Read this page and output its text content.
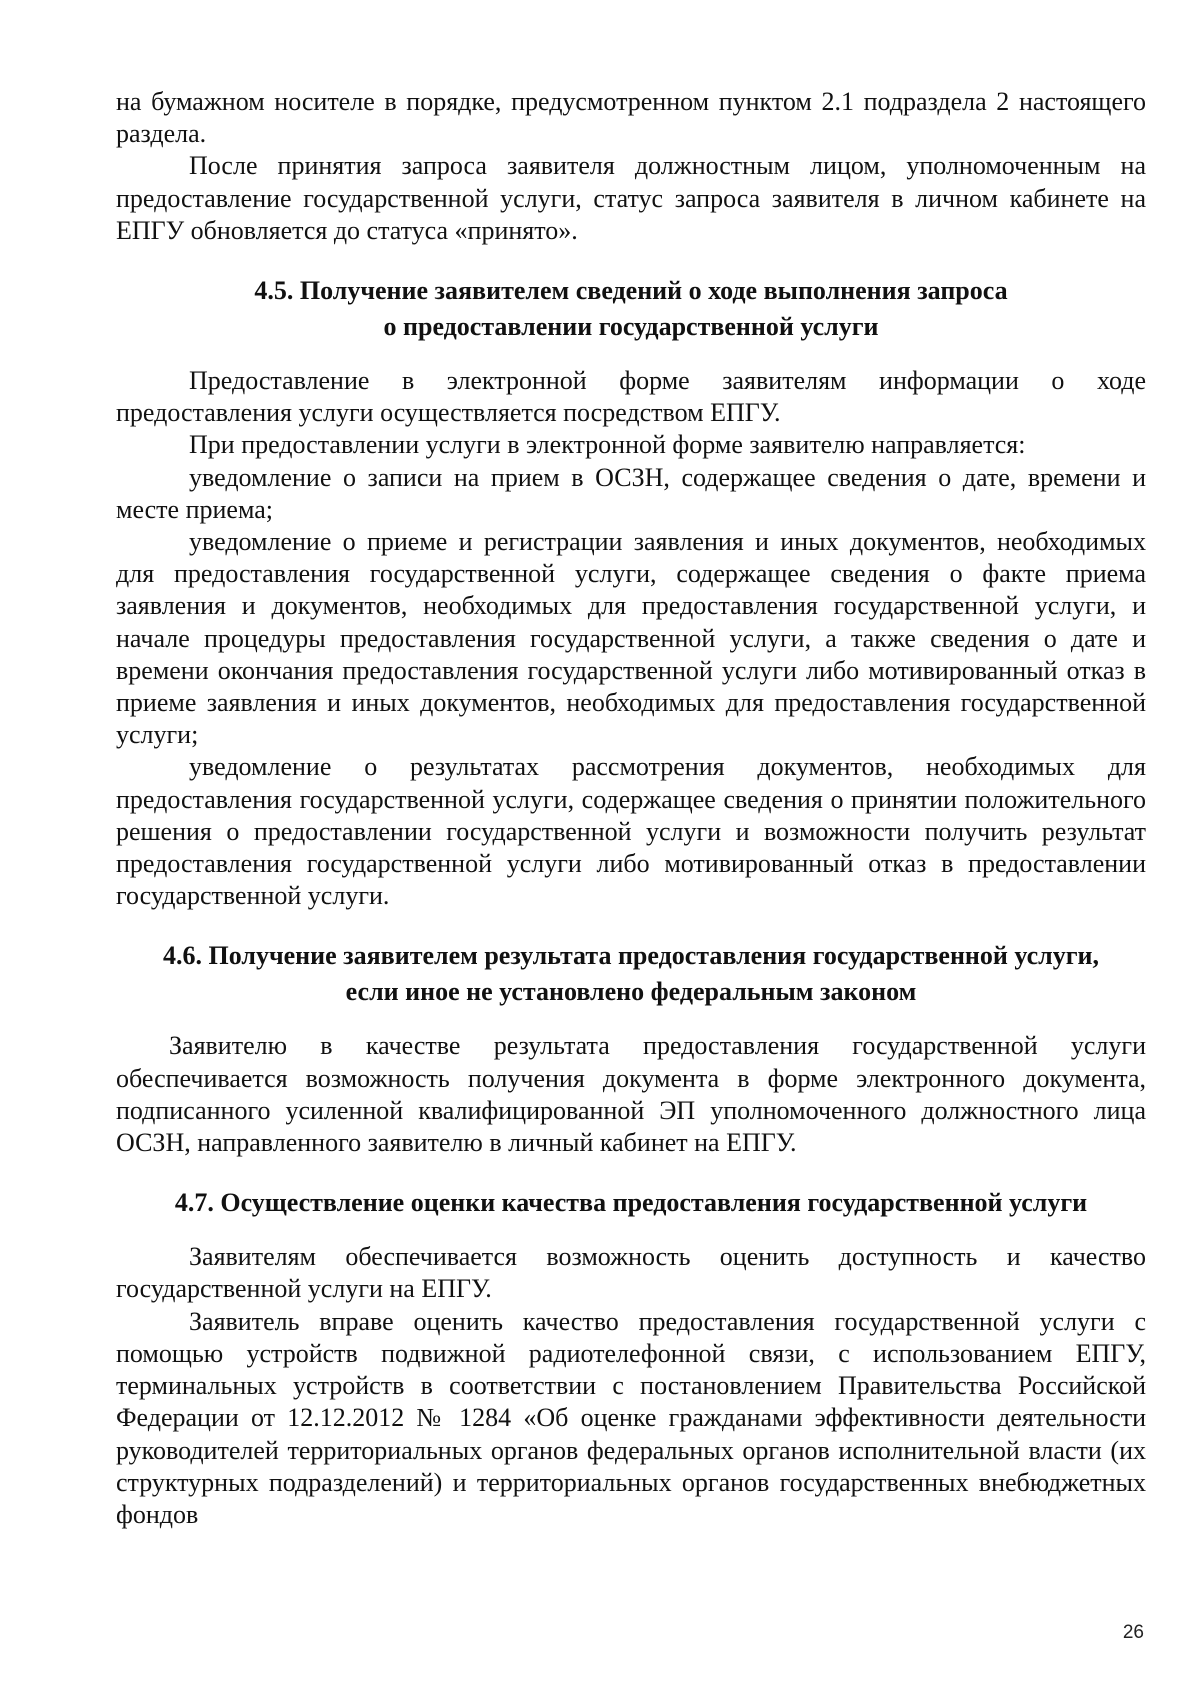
на бумажном носителе в порядке, предусмотренном пунктом 2.1 подраздела 2 настоящего раздела.

После принятия запроса заявителя должностным лицом, уполномоченным на предоставление государственной услуги, статус запроса заявителя в личном кабинете на ЕПГУ обновляется до статуса «принято».

4.5. Получение заявителем сведений о ходе выполнения запроса
о предоставлении государственной услуги

Предоставление в электронной форме заявителям информации о ходе предоставления услуги осуществляется посредством ЕПГУ.

При предоставлении услуги в электронной форме заявителю направляется:

уведомление о записи на прием в ОСЗН, содержащее сведения о дате, времени и месте приема;

уведомление о приеме и регистрации заявления и иных документов, необходимых для предоставления государственной услуги, содержащее сведения о факте приема заявления и документов, необходимых для предоставления государственной услуги, и начале процедуры предоставления государственной услуги, а также сведения о дате и времени окончания предоставления государственной услуги либо мотивированный отказ в приеме заявления и иных документов, необходимых для предоставления государственной услуги;

уведомление о результатах рассмотрения документов, необходимых для предоставления государственной услуги, содержащее сведения о принятии положительного решения о предоставлении государственной услуги и возможности получить результат предоставления государственной услуги либо мотивированный отказ в предоставлении государственной услуги.

4.6. Получение заявителем результата предоставления государственной услуги,
если иное не установлено федеральным законом

Заявителю в качестве результата предоставления государственной услуги обеспечивается возможность получения документа в форме электронного документа, подписанного усиленной квалифицированной ЭП уполномоченного должностного лица ОСЗН, направленного заявителю в личный кабинет на ЕПГУ.

4.7. Осуществление оценки качества предоставления государственной услуги

Заявителям обеспечивается возможность оценить доступность и качество государственной услуги на ЕПГУ.

Заявитель вправе оценить качество предоставления государственной услуги с помощью устройств подвижной радиотелефонной связи, с использованием ЕПГУ, терминальных устройств в соответствии с постановлением Правительства Российской Федерации от 12.12.2012 № 1284 «Об оценке гражданами эффективности деятельности руководителей территориальных органов федеральных органов исполнительной власти (их структурных подразделений) и территориальных органов государственных внебюджетных фондов

26
